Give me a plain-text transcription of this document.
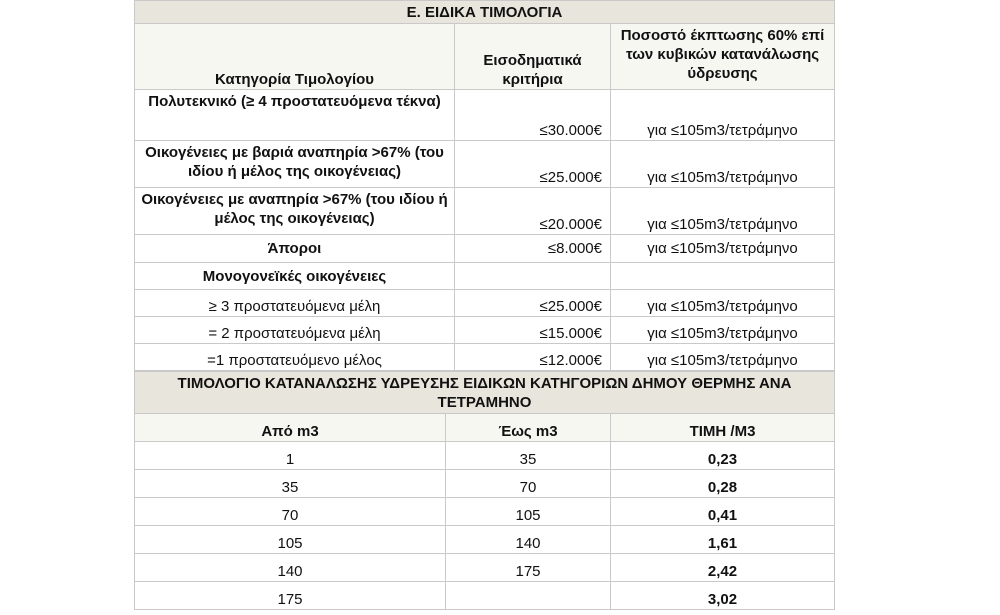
Ε. ΕΙΔΙΚΑ ΤΙΜΟΛΟΓΙΑ		
Κατηγορία Τιμολογίου	Εισοδηματικά κριτήρια	Ποσοστό έκπτωσης 60% επί των κυβικών κατανάλωσης ύδρευσης
Πολυτεκνικό (≥ 4 προστατευόμενα τέκνα)	≤30.000€	για ≤105m3/τετράμηνο
Οικογένειες με βαριά αναπηρία >67% (του ιδίου ή μέλος της οικογένειας)	≤25.000€	για ≤105m3/τετράμηνο
Οικογένειες με αναπηρία >67% (του ιδίου ή μέλος της οικογένειας)	≤20.000€	για ≤105m3/τετράμηνο
Άποροι	≤8.000€	για ≤105m3/τετράμηνο
Μονογονεϊκές οικογένειες		
≥ 3 προστατευόμενα μέλη	≤25.000€	για ≤105m3/τετράμηνο
= 2 προστατευόμενα μέλη	≤15.000€	για ≤105m3/τετράμηνο
=1 προστατευόμενο μέλος	≤12.000€	για ≤105m3/τετράμηνο
ΤΙΜΟΛΟΓΙΟ ΚΑΤΑΝΑΛΩΣΗΣ ΥΔΡΕΥΣΗΣ ΕΙΔΙΚΩΝ ΚΑΤΗΓΟΡΙΩΝ ΔΗΜΟΥ ΘΕΡΜΗΣ ΑΝΑ ΤΕΤΡΑΜΗΝΟ		
Από m3	Έως m3	ΤΙΜΗ /Μ3
1	35	0,23
35	70	0,28
70	105	0,41
105	140	1,61
140	175	2,42
175		3,02
